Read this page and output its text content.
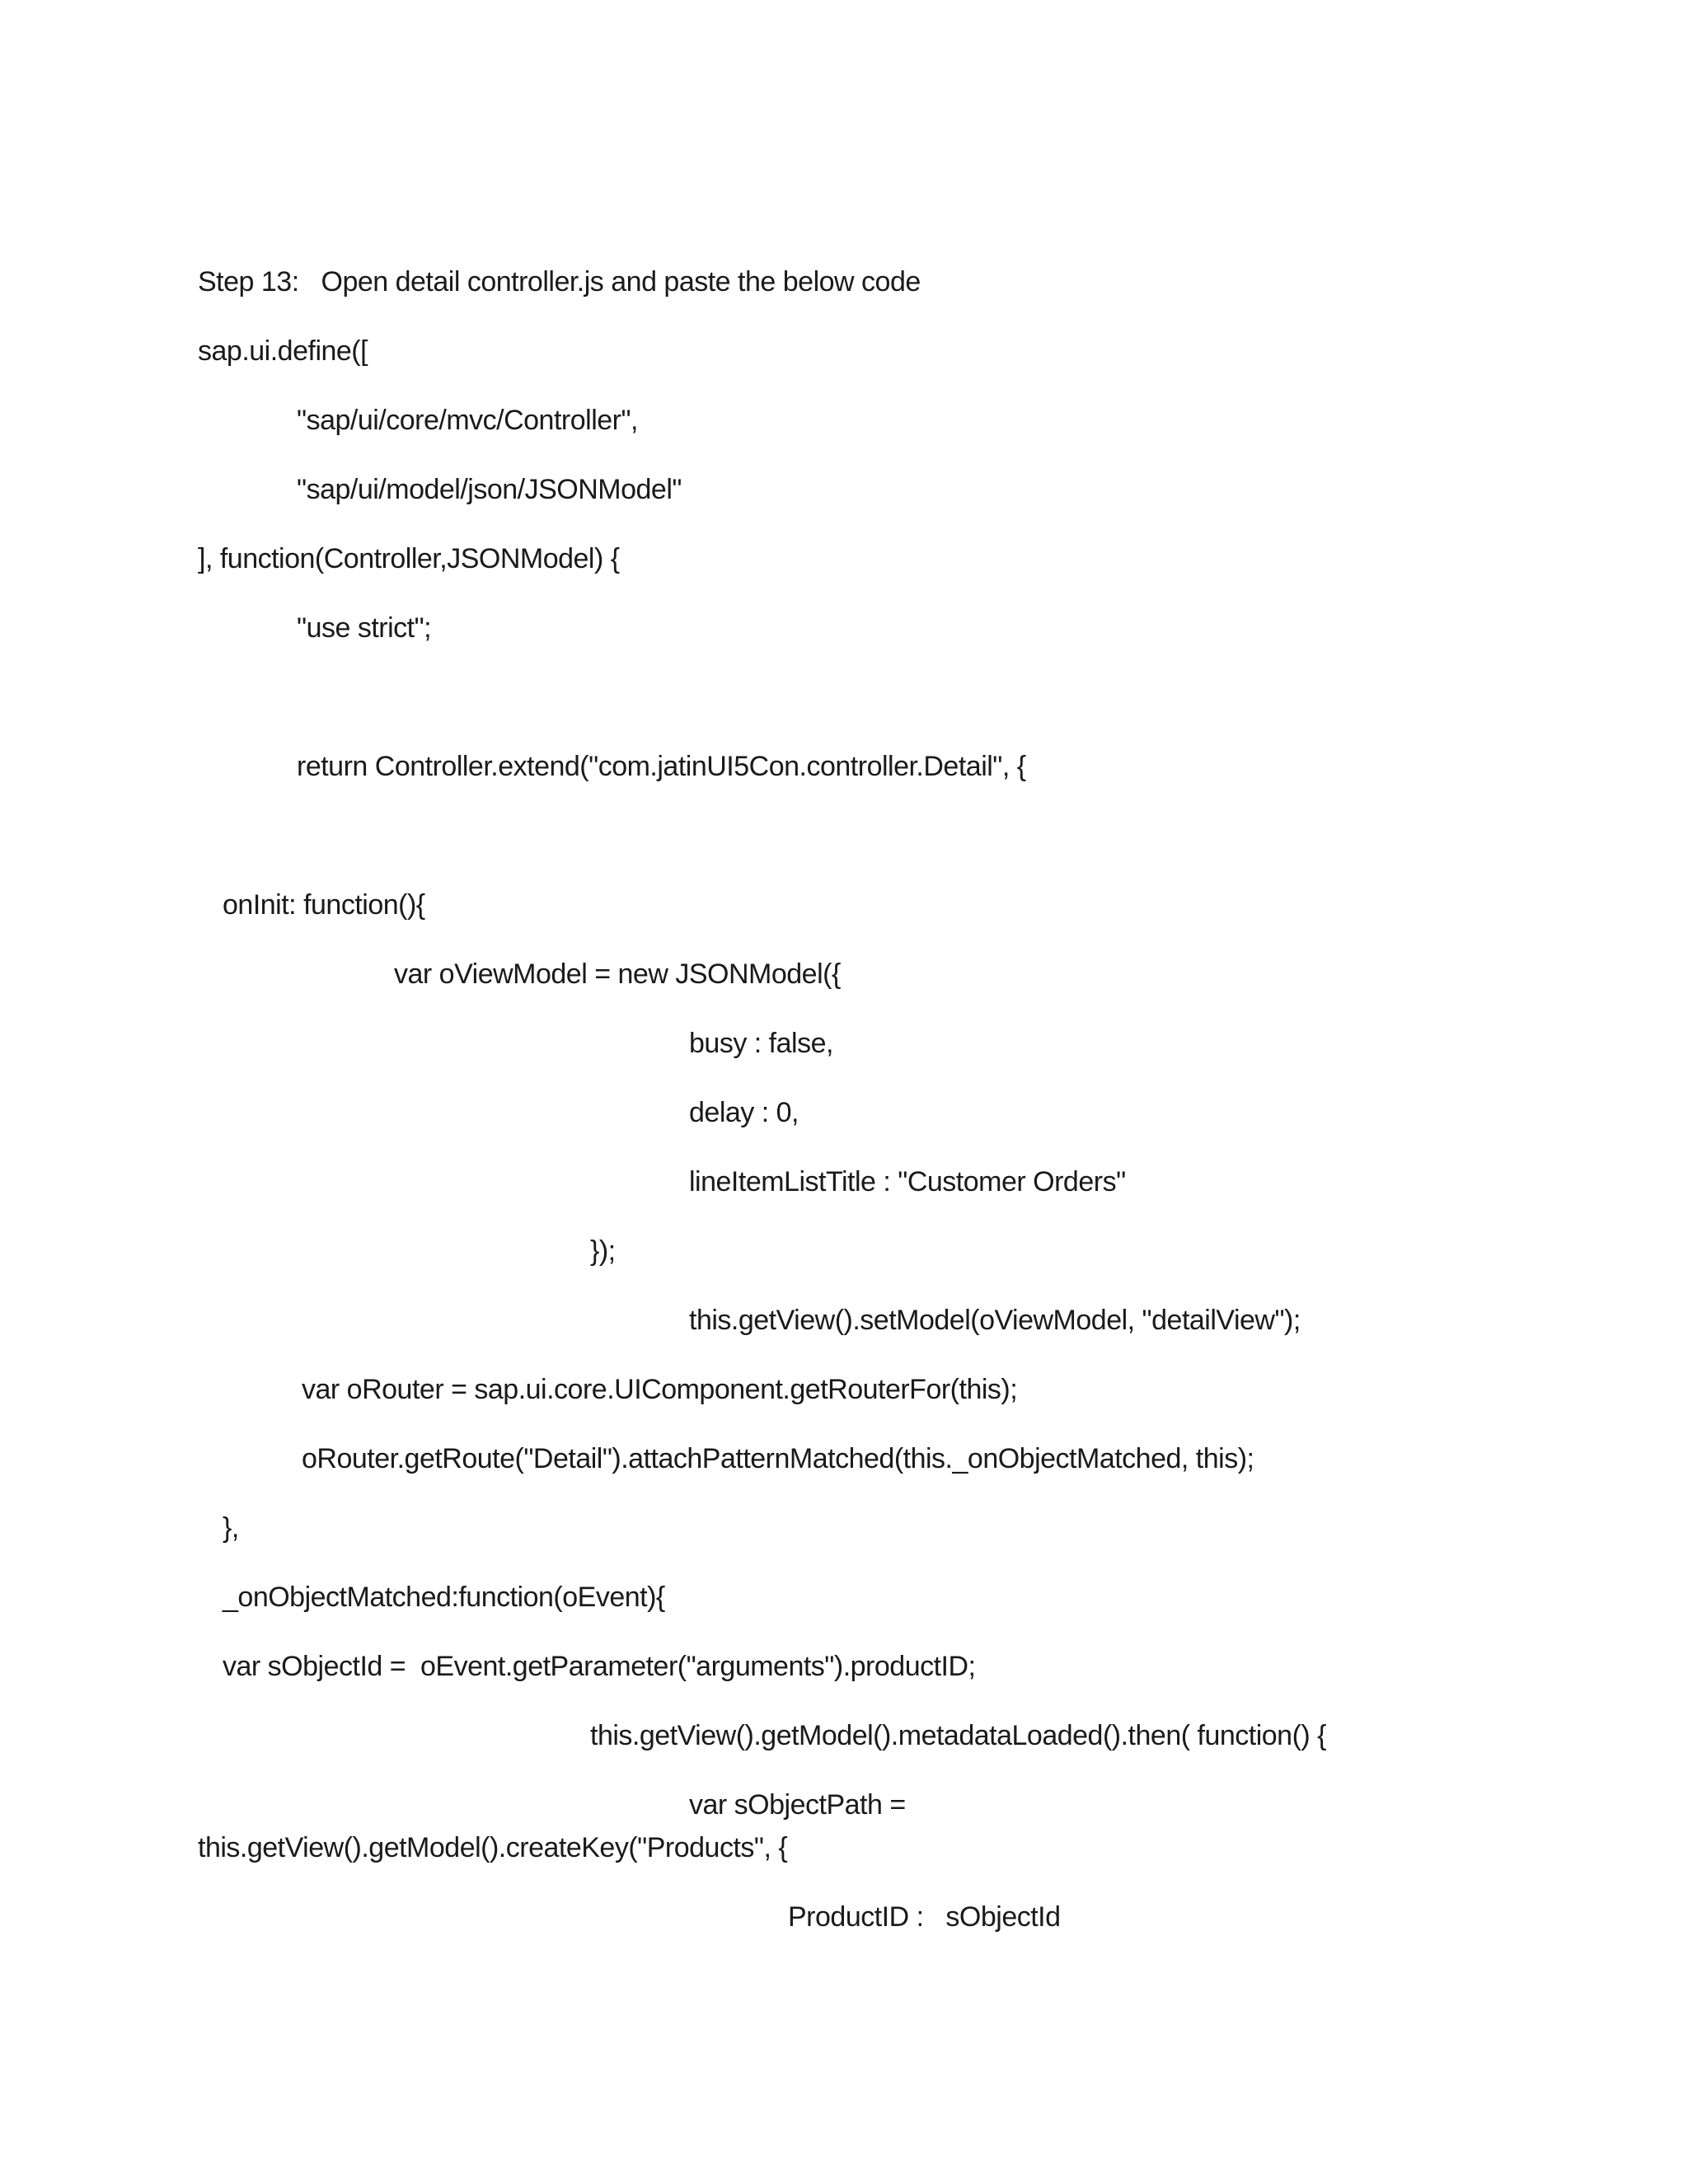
Step 13:   Open detail controller.js and paste the below code
sap.ui.define([
"sap/ui/core/mvc/Controller",
"sap/ui/model/json/JSONModel"
], function(Controller,JSONModel) {
"use strict";
return Controller.extend("com.jatinUI5Con.controller.Detail", {
onInit: function(){
var oViewModel = new JSONModel({
busy : false,
delay : 0,
lineItemListTitle : "Customer Orders"
});
this.getView().setModel(oViewModel, "detailView");
var oRouter = sap.ui.core.UIComponent.getRouterFor(this);
oRouter.getRoute("Detail").attachPatternMatched(this._onObjectMatched, this);
},
_onObjectMatched:function(oEvent){
var sObjectId =  oEvent.getParameter("arguments").productID;
this.getView().getModel().metadataLoaded().then( function() {
var sObjectPath =
this.getView().getModel().createKey("Products", {
ProductID :   sObjectId
